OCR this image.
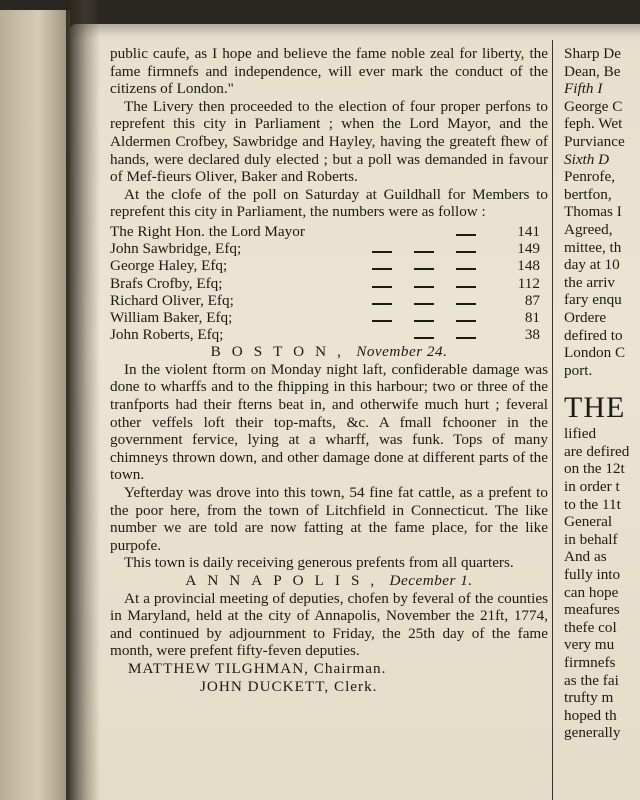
public caufe, as I hope and believe the fame noble zeal for liberty, the fame firmnefs and independence, will ever mark the conduct of the citizens of London."

The Livery then proceeded to the election of four proper perfons to reprefent this city in Parliament ; when the Lord Mayor, and the Aldermen Crofbey, Sawbridge and Hayley, having the greateft fhew of hands, were declared duly elected ; but a poll was demanded in favour of Mef-fieurs Oliver, Baker and Roberts.

At the clofe of the poll on Saturday at Guildhall for Members to reprefent this city in Parliament, the numbers were as follow :

The Right Hon. the Lord Mayor	141
John Sawbridge, Efq;	149
George Haley, Efq;	148
Brafs Crofby, Efq;	112
Richard Oliver, Efq;	87
William Baker, Efq;	81
John Roberts, Efq;	38

BOSTON, November 24.

In the violent ftorm on Monday night laft, confiderable damage was done to wharffs and to the fhipping in this harbour; two or three of the tranfports had their fterns beat in, and otherwife much hurt ; feveral other veffels loft their top-mafts, &c. A fmall fchooner in the government fervice, lying at a wharff, was funk. Tops of many chimneys thrown down, and other damage done at different parts of the town.

Yefterday was drove into this town, 54 fine fat cattle, as a prefent to the poor here, from the town of Litchfield in Connecticut. The like number we are told are now fatting at the fame place, for the like purpofe.

This town is daily receiving generous prefents from all quarters.

ANNAPOLIS, December 1.

At a provincial meeting of deputies, chofen by feveral of the counties in Maryland, held at the city of Annapolis, November the 21ft, 1774, and continued by adjournment to Friday, the 25th day of the fame month, were prefent fifty-feven deputies.

MATTHEW TILGHMAN, Chairman.

JOHN DUCKETT, Clerk.

Sharp De
Dean, Be
Fifth I
George C
feph. Wet
Purviance
Sixth D
Penrofe,
bertfon,
Thomas I
Agreed,
mittee, th
day at 10
the arriv
fary enqu
Ordere
defired to
London C
port.
THE
lified
are defired
on the 12t
in order t
to the 11t
General
in behalf
And as
fully into
can hope
meafures
thefe col
very mu
firmnefs
as the fai
trufty m
hoped th
generally
